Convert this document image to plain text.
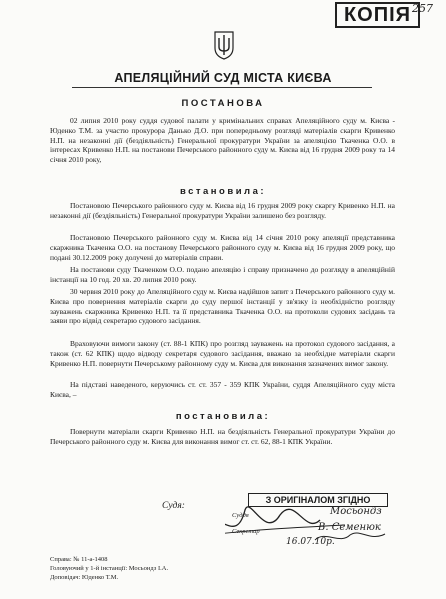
КОПІЯ 257
АПЕЛЯЦІЙНИЙ СУД МІСТА КИЄВА
ПОСТАНОВА

02 липня 2010 року суддя судової палати у кримінальних справах Апеляційного суду м. Києва - Юденко Т.М. за участю прокурора Данько Д.О. при попередньому розгляді матеріалів скарги Кривенко Н.П. на незаконні дії (бездіяльність) Генеральної прокуратури України за апеляцією Ткаченка О.О. в інтересах Кривенко Н.П. на постанови Печерського районного суду м. Києва від 16 грудня 2009 року та 14 січня 2010 року,

встановила:

Постановою Печерського районного суду м. Києва від 16 грудня 2009 року скаргу Кривенко Н.П. на незаконні дії (бездіяльність) Генеральної прокуратури України залишено без розгляду.

Постановою Печерського районного суду м. Києва від 14 січня 2010 року апеляції представника скаржника Ткаченка О.О. на постанову Печерського районного суду м. Києва від 16 грудня 2009 року, що подані 30.12.2009 року долучені до матеріалів справи.

На постанови суду Ткаченком О.О. подано апеляцію і справу призначено до розгляду в апеляційній інстанції на 10 год. 20 хв. 20 липня 2010 року.

30 червня 2010 року до Апеляційного суду м. Києва надійшов запит з Печерського районного суду м. Києва про повернення матеріалів скарги до суду першої інстанції у зв'язку із необхідністю розгляду зауважень скаржника Кривенко Н.П. та її представника Ткаченка О.О. на протоколи судових засідань та заяви про відвід секретарю судового засідання.

Враховуючи вимоги закону (ст. 88-1 КПК) про розгляд зауважень на протокол судового засідання, а також (ст. 62 КПК) щодо відводу секретаря судового засідання, вважаю за необхідне матеріали скарги Кривенко Н.П. повернути Печерському районному суду м. Києва для виконання зазначених вимог закону.

На підставі наведеного, керуючись ст. ст. 357 - 359 КПК України, суддя Апеляційного суду міста Києва, –

постановила:

Повернути матеріали скарги Кривенко Н.П. на бездіяльність Генеральної прокуратури України до Печерського районного суду м. Києва для виконання вимог ст. ст. 62, 88-1 КПК України.

Судя:
З ОРИГІНАЛОМ ЗГІДНО
Суддя
Секретар
Мосьондз
В. Семенюк
16.07.10р.
Справа: № 11-а-1408
Головуючий у 1-й інстанції: Мосьондз І.А.
Доповідач: Юденко Т.М.
